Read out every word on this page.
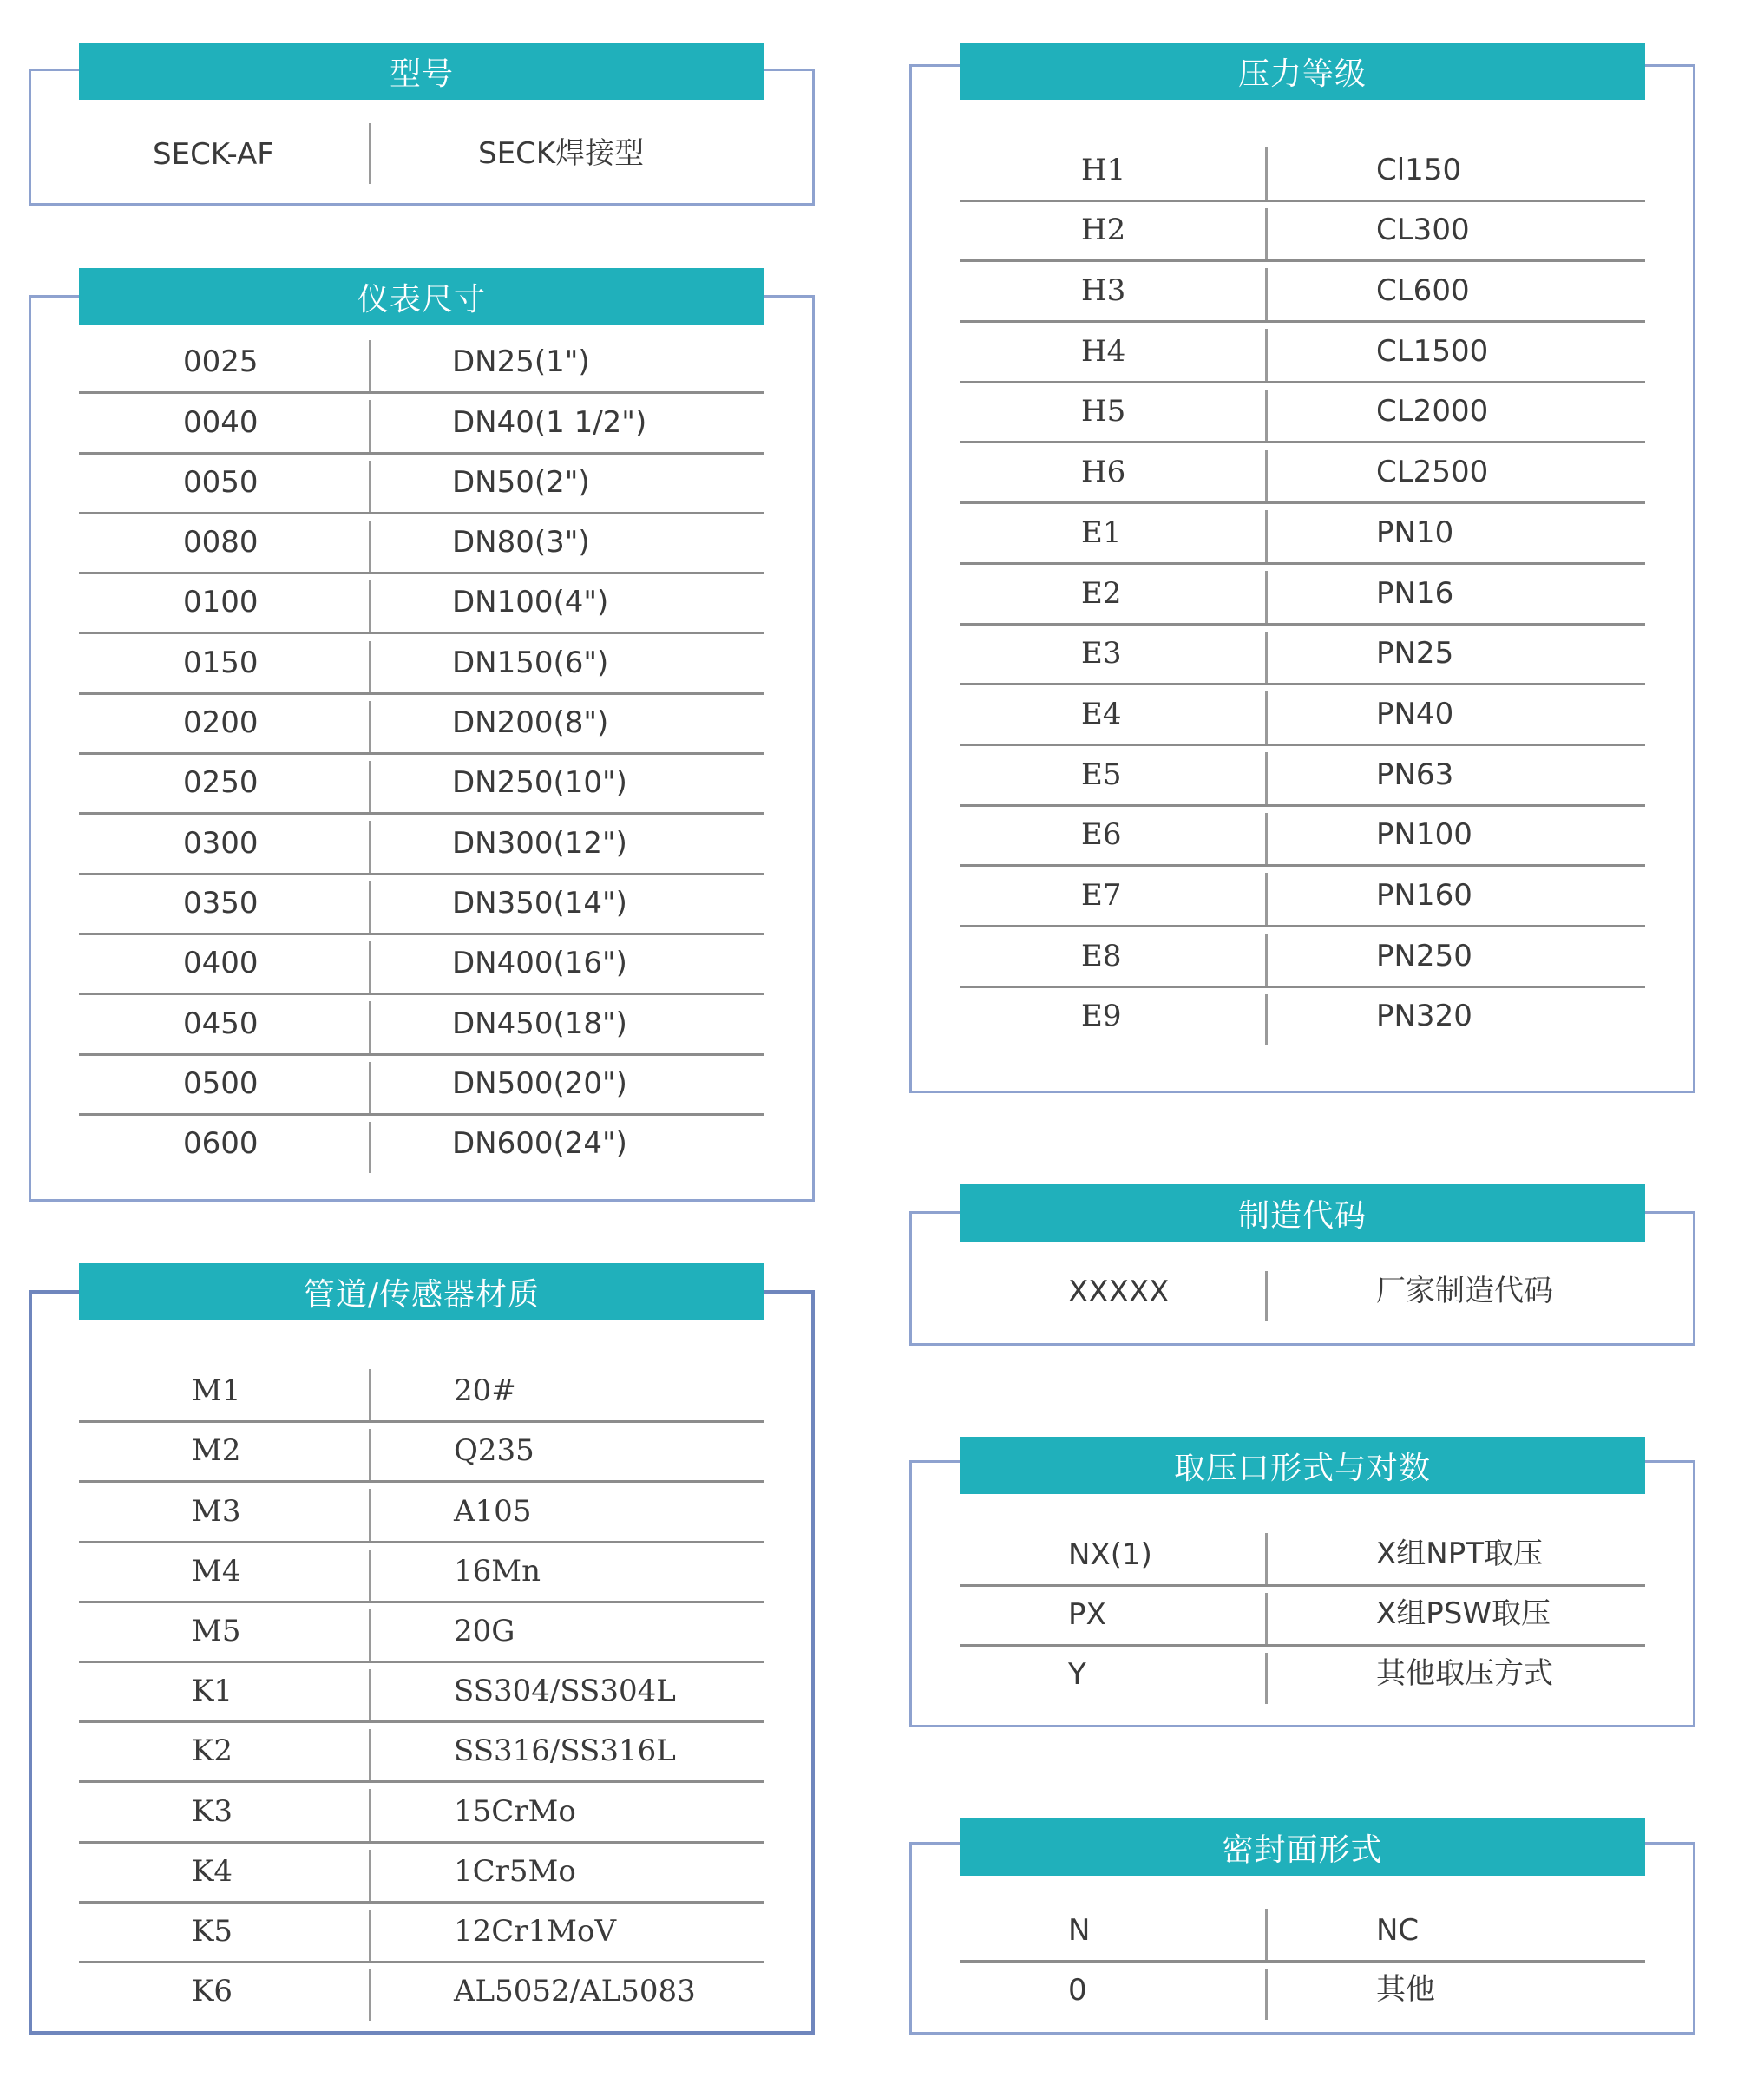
型号
SECK-AF	SECK焊接型
仪表尺寸
0025	DN25(1")
0040	DN40(1 1/2")
0050	DN50(2")
0080	DN80(3")
0100	DN100(4")
0150	DN150(6")
0200	DN200(8")
0250	DN250(10")
0300	DN300(12")
0350	DN350(14")
0400	DN400(16")
0450	DN450(18")
0500	DN500(20")
0600	DN600(24")
管道/传感器材质
M1	20#
M2	Q235
M3	A105
M4	16Mn
M5	20G
K1	SS304/SS304L
K2	SS316/SS316L
K3	15CrMo
K4	1Cr5Mo
K5	12Cr1MoV
K6	AL5052/AL5083
压力等级
H1	Cl150
H2	CL300
H3	CL600
H4	CL1500
H5	CL2000
H6	CL2500
E1	PN10
E2	PN16
E3	PN25
E4	PN40
E5	PN63
E6	PN100
E7	PN160
E8	PN250
E9	PN320
制造代码
XXXXX	厂家制造代码
取压口形式与对数
NX(1)	X组NPT取压
PX	X组PSW取压
Y	其他取压方式
密封面形式
N	NC
0	其他
